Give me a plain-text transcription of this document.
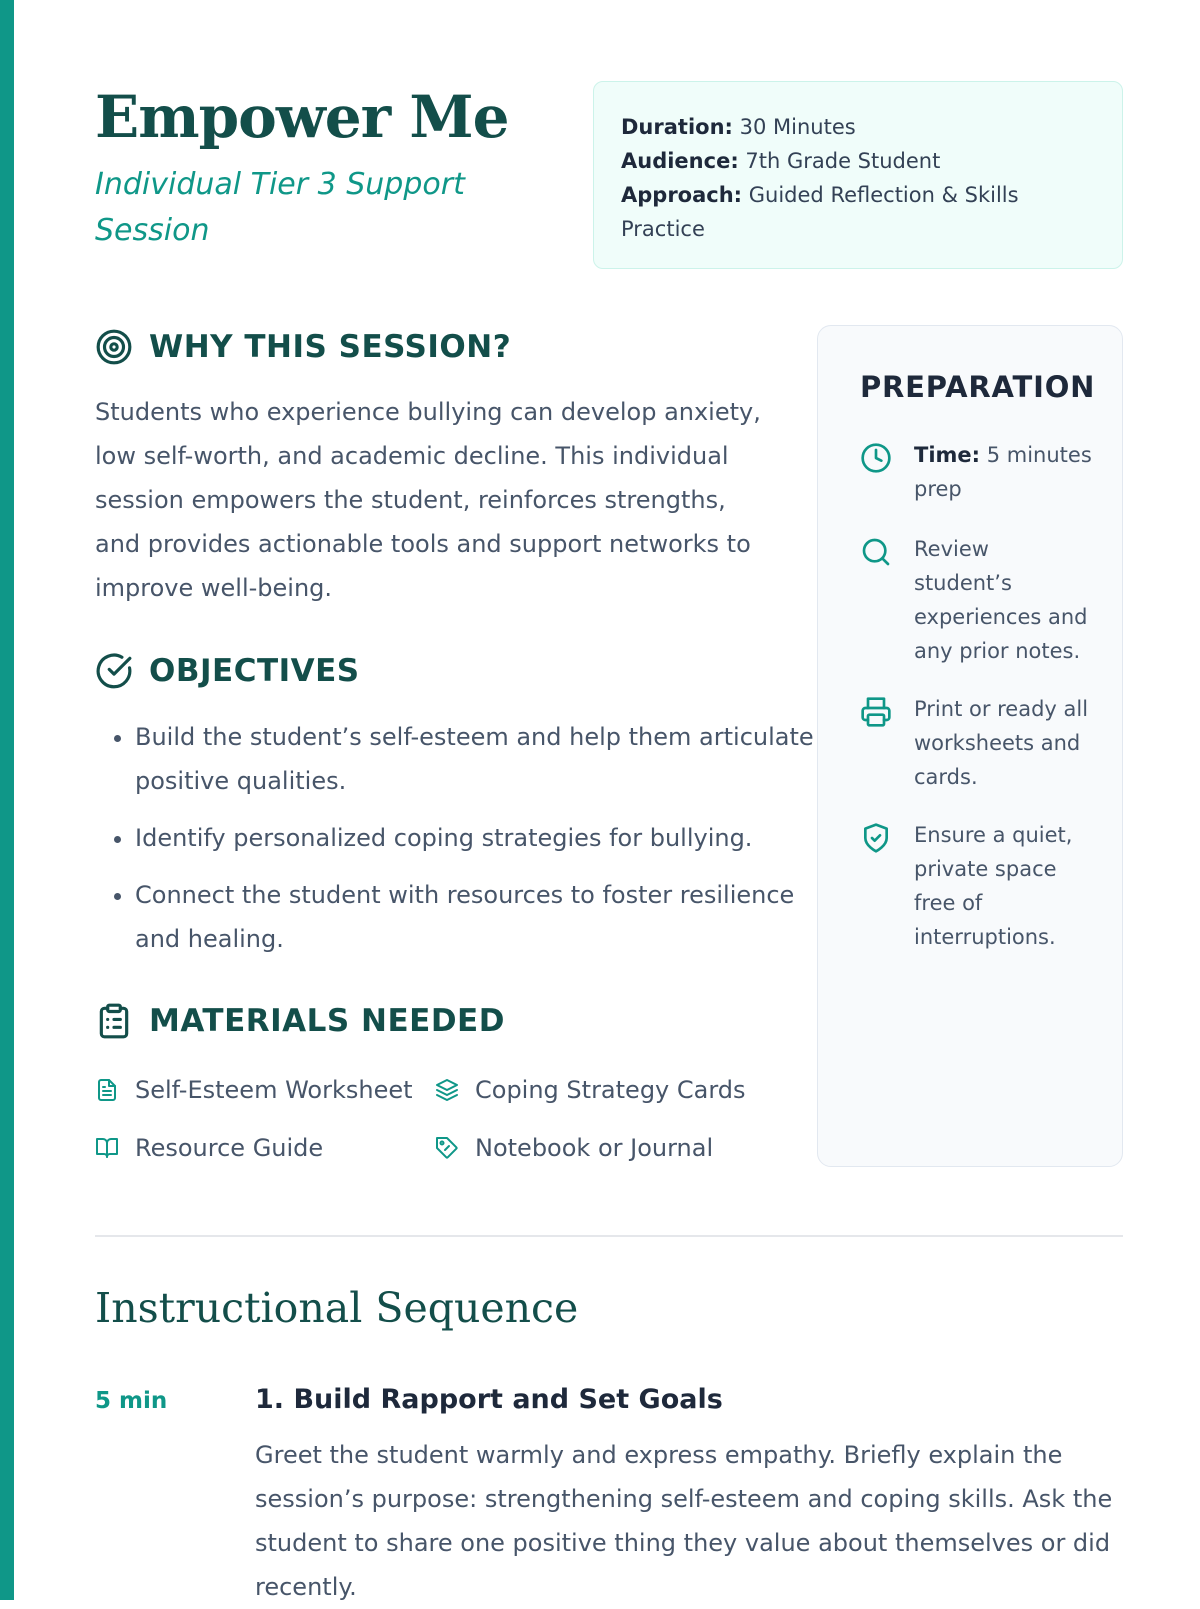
Empower Me

Individual Tier 3 Support Session

Duration: 30 Minutes
Audience: 7th Grade Student
Approach: Guided Reflection & Skills Practice
WHY THIS SESSION?

Students who experience bullying can develop anxiety, low self-worth, and academic decline. This individual session empowers the student, reinforces strengths, and provides actionable tools and support networks to improve well-being.

OBJECTIVES
• Build the student’s self-esteem and help them articulate positive qualities.
• Identify personalized coping strategies for bullying.
• Connect the student with resources to foster resilience and healing.
MATERIALS NEEDED
Self-Esteem Worksheet	Coping Strategy Cards
Resource Guide	Notebook or Journal
PREPARATION
Time: 5 minutes prep
Review student’s experiences and any prior notes.
Print or ready all worksheets and cards.
Ensure a quiet, private space free of interruptions.
Instructional Sequence
5 min	1. Build Rapport and Set Goals

Greet the student warmly and express empathy. Briefly explain the session’s purpose: strengthening self-esteem and coping skills. Ask the student to share one positive thing they value about themselves or did recently.
